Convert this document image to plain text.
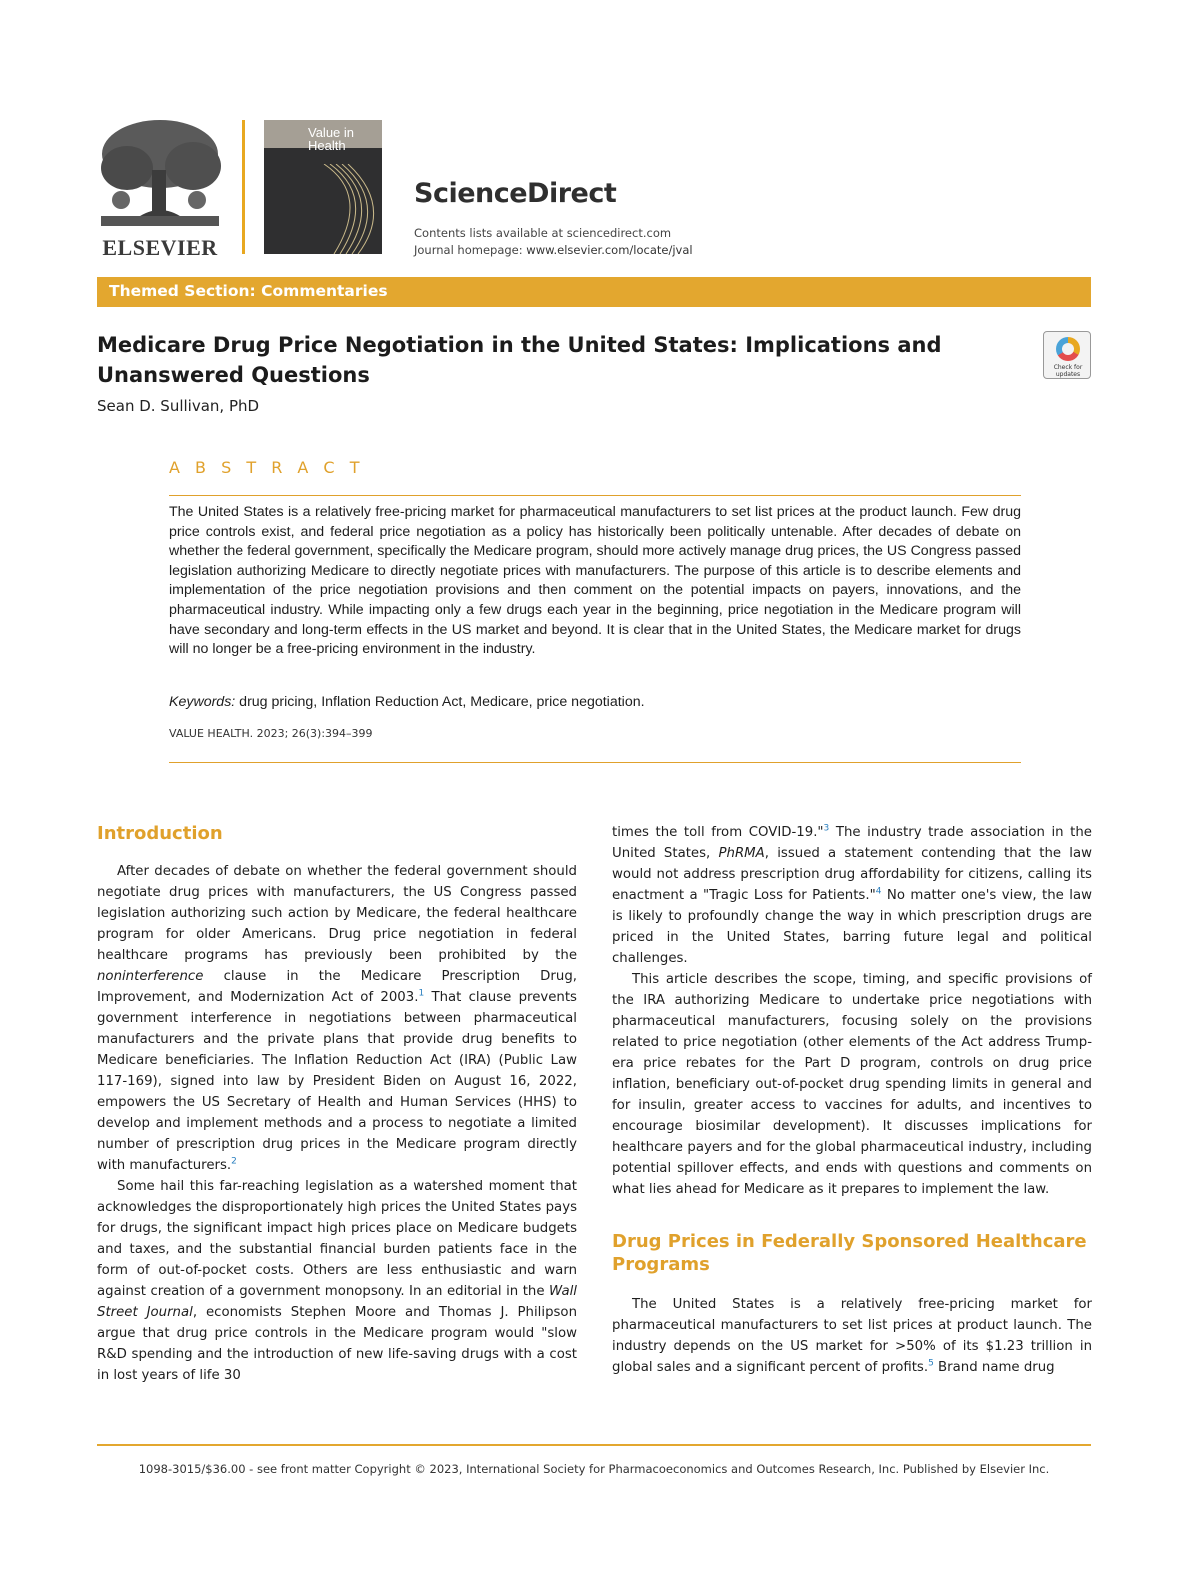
ELSEVIER
Value in Health
ScienceDirect
Contents lists available at sciencedirect.com
Journal homepage: www.elsevier.com/locate/jval
Themed Section: Commentaries
Medicare Drug Price Negotiation in the United States: Implications and Unanswered Questions	Check for updates
Sean D. Sullivan, PhD
A B S T R A C T

The United States is a relatively free-pricing market for pharmaceutical manufacturers to set list prices at the product launch. Few drug price controls exist, and federal price negotiation as a policy has historically been politically untenable. After decades of debate on whether the federal government, specifically the Medicare program, should more actively manage drug prices, the US Congress passed legislation authorizing Medicare to directly negotiate prices with manufacturers. The purpose of this article is to describe elements and implementation of the price negotiation provisions and then comment on the potential impacts on payers, innovations, and the pharmaceutical industry. While impacting only a few drugs each year in the beginning, price negotiation in the Medicare program will have secondary and long-term effects in the US market and beyond. It is clear that in the United States, the Medicare market for drugs will no longer be a free-pricing environment in the industry.

Keywords: drug pricing, Inflation Reduction Act, Medicare, price negotiation.

VALUE HEALTH. 2023; 26(3):394–399
Introduction

After decades of debate on whether the federal government should negotiate drug prices with manufacturers, the US Congress passed legislation authorizing such action by Medicare, the federal healthcare program for older Americans. Drug price negotiation in federal healthcare programs has previously been prohibited by the noninterference clause in the Medicare Prescription Drug, Improvement, and Modernization Act of 2003.$^1$ That clause prevents government interference in negotiations between pharmaceutical manufacturers and the private plans that provide drug benefits to Medicare beneficiaries. The Inflation Reduction Act (IRA) (Public Law 117-169), signed into law by President Biden on August 16, 2022, empowers the US Secretary of Health and Human Services (HHS) to develop and implement methods and a process to negotiate a limited number of prescription drug prices in the Medicare program directly with manufacturers.$^2$

Some hail this far-reaching legislation as a watershed moment that acknowledges the disproportionately high prices the United States pays for drugs, the significant impact high prices place on Medicare budgets and taxes, and the substantial financial burden patients face in the form of out-of-pocket costs. Others are less enthusiastic and warn against creation of a government monopsony. In an editorial in the Wall Street Journal, economists Stephen Moore and Thomas J. Philipson argue that drug price controls in the Medicare program would "slow R&D spending and the introduction of new life-saving drugs with a cost in lost years of life 30

times the toll from COVID-19."$^3$ The industry trade association in the United States, PhRMA, issued a statement contending that the law would not address prescription drug affordability for citizens, calling its enactment a "Tragic Loss for Patients."$^4$ No matter one's view, the law is likely to profoundly change the way in which prescription drugs are priced in the United States, barring future legal and political challenges.

This article describes the scope, timing, and specific provisions of the IRA authorizing Medicare to undertake price negotiations with pharmaceutical manufacturers, focusing solely on the provisions related to price negotiation (other elements of the Act address Trump-era price rebates for the Part D program, controls on drug price inflation, beneficiary out-of-pocket drug spending limits in general and for insulin, greater access to vaccines for adults, and incentives to encourage biosimilar development). It discusses implications for healthcare payers and for the global pharmaceutical industry, including potential spillover effects, and ends with questions and comments on what lies ahead for Medicare as it prepares to implement the law.

Drug Prices in Federally Sponsored Healthcare Programs

The United States is a relatively free-pricing market for pharmaceutical manufacturers to set list prices at product launch. The industry depends on the US market for >50% of its $1.23 trillion in global sales and a significant percent of profits.$^5$ Brand name drug

1098-3015/$36.00 - see front matter Copyright © 2023, International Society for Pharmacoeconomics and Outcomes Research, Inc. Published by Elsevier Inc.
